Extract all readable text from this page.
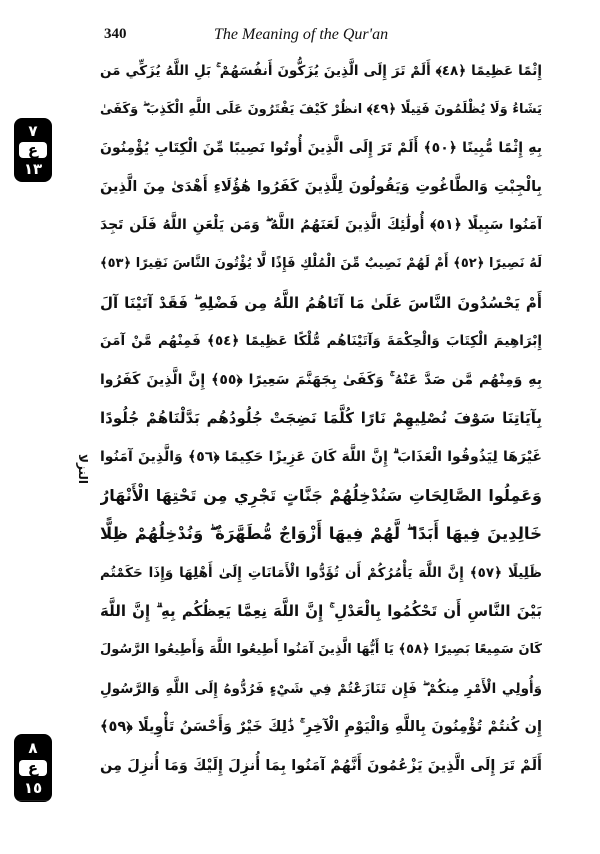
340	The Meaning of the Qur'an
٧
ع
١٣
النزلا
٨
ع
١٥
إِثْمًا عَظِيمًا ﴿٤٨﴾ أَلَمْ تَرَ إِلَى الَّذِينَ يُزَكُّونَ أَنفُسَهُمْ ۚ بَلِ اللَّهُ يُزَكِّي مَن
يَشَاءُ وَلَا يُظْلَمُونَ فَتِيلًا ﴿٤٩﴾ انظُرْ كَيْفَ يَفْتَرُونَ عَلَى اللَّهِ الْكَذِبَ ۖ وَكَفَىٰ
بِهِ إِثْمًا مُّبِينًا ﴿٥٠﴾ أَلَمْ تَرَ إِلَى الَّذِينَ أُوتُوا نَصِيبًا مِّنَ الْكِتَابِ يُؤْمِنُونَ
بِالْجِبْتِ وَالطَّاغُوتِ وَيَقُولُونَ لِلَّذِينَ كَفَرُوا هَٰؤُلَاءِ أَهْدَىٰ مِنَ الَّذِينَ
آمَنُوا سَبِيلًا ﴿٥١﴾ أُولَٰئِكَ الَّذِينَ لَعَنَهُمُ اللَّهُ ۖ وَمَن يَلْعَنِ اللَّهُ فَلَن تَجِدَ
لَهُ نَصِيرًا ﴿٥٢﴾ أَمْ لَهُمْ نَصِيبٌ مِّنَ الْمُلْكِ فَإِذًا لَّا يُؤْتُونَ النَّاسَ نَقِيرًا ﴿٥٣﴾
أَمْ يَحْسُدُونَ النَّاسَ عَلَىٰ مَا آتَاهُمُ اللَّهُ مِن فَضْلِهِ ۖ فَقَدْ آتَيْنَا آلَ
إِبْرَاهِيمَ الْكِتَابَ وَالْحِكْمَةَ وَآتَيْنَاهُم مُّلْكًا عَظِيمًا ﴿٥٤﴾ فَمِنْهُم مَّنْ آمَنَ
بِهِ وَمِنْهُم مَّن صَدَّ عَنْهُ ۚ وَكَفَىٰ بِجَهَنَّمَ سَعِيرًا ﴿٥٥﴾ إِنَّ الَّذِينَ كَفَرُوا
بِآيَاتِنَا سَوْفَ نُصْلِيهِمْ نَارًا كُلَّمَا نَضِجَتْ جُلُودُهُم بَدَّلْنَاهُمْ جُلُودًا
غَيْرَهَا لِيَذُوقُوا الْعَذَابَ ۗ إِنَّ اللَّهَ كَانَ عَزِيزًا حَكِيمًا ﴿٥٦﴾ وَالَّذِينَ آمَنُوا
وَعَمِلُوا الصَّالِحَاتِ سَنُدْخِلُهُمْ جَنَّاتٍ تَجْرِي مِن تَحْتِهَا الْأَنْهَارُ
خَالِدِينَ فِيهَا أَبَدًا ۖ لَّهُمْ فِيهَا أَزْوَاجٌ مُّطَهَّرَةٌ ۖ وَنُدْخِلُهُمْ ظِلًّا
ظَلِيلًا ﴿٥٧﴾ إِنَّ اللَّهَ يَأْمُرُكُمْ أَن تُؤَدُّوا الْأَمَانَاتِ إِلَىٰ أَهْلِهَا وَإِذَا حَكَمْتُم
بَيْنَ النَّاسِ أَن تَحْكُمُوا بِالْعَدْلِ ۚ إِنَّ اللَّهَ نِعِمَّا يَعِظُكُم بِهِ ۗ إِنَّ اللَّهَ
كَانَ سَمِيعًا بَصِيرًا ﴿٥٨﴾ يَا أَيُّهَا الَّذِينَ آمَنُوا أَطِيعُوا اللَّهَ وَأَطِيعُوا الرَّسُولَ
وَأُولِي الْأَمْرِ مِنكُمْ ۖ فَإِن تَنَازَعْتُمْ فِي شَيْءٍ فَرُدُّوهُ إِلَى اللَّهِ وَالرَّسُولِ
إِن كُنتُمْ تُؤْمِنُونَ بِاللَّهِ وَالْيَوْمِ الْآخِرِ ۚ ذَٰلِكَ خَيْرٌ وَأَحْسَنُ تَأْوِيلًا ﴿٥٩﴾
أَلَمْ تَرَ إِلَى الَّذِينَ يَزْعُمُونَ أَنَّهُمْ آمَنُوا بِمَا أُنزِلَ إِلَيْكَ وَمَا أُنزِلَ مِن
